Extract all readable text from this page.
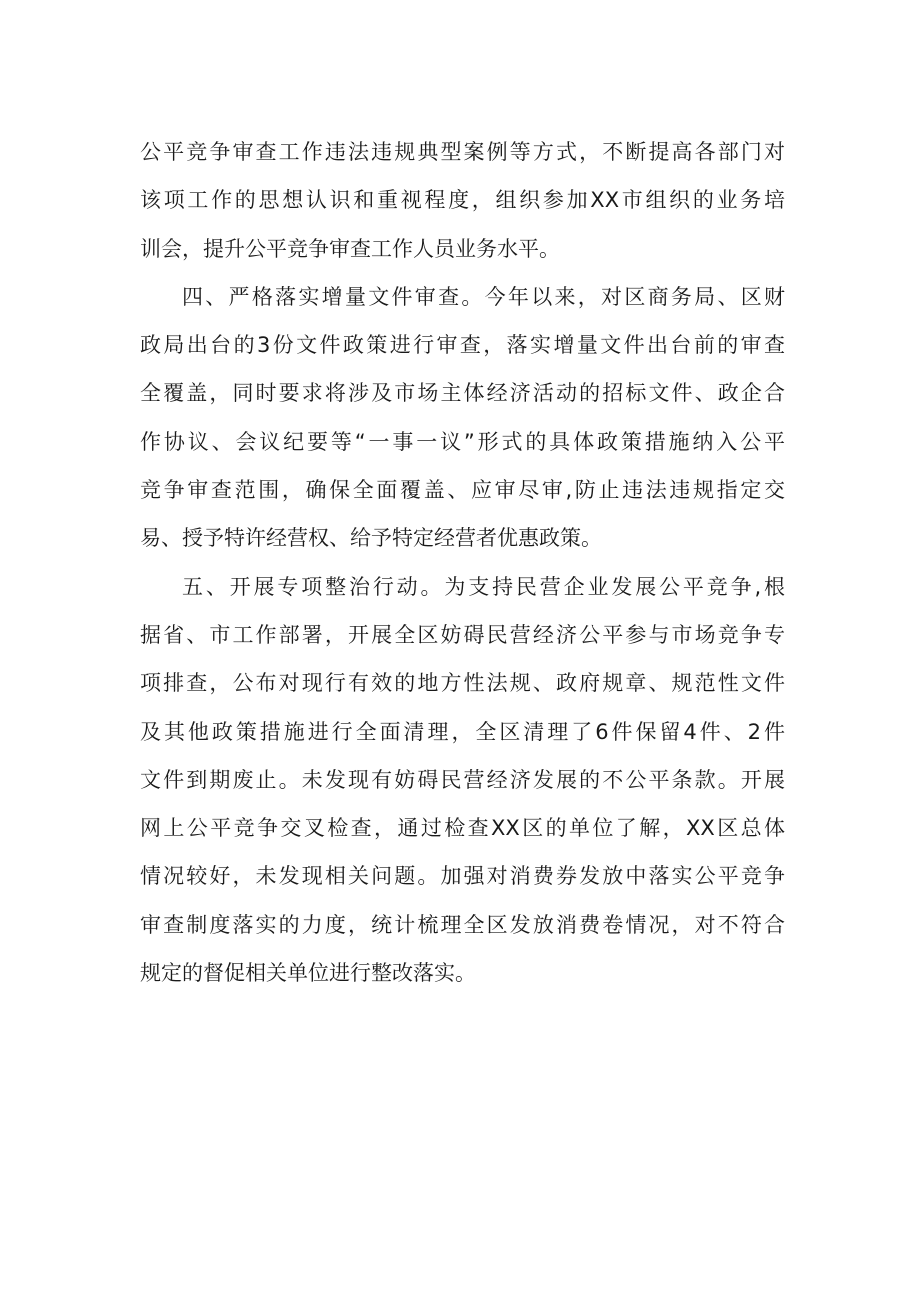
公平竞争审查工作违法违规典型案例等方式，不断提高各部门对
该项工作的思想认识和重视程度，组织参加XX市组织的业务培
训会，提升公平竞争审查工作人员业务水平。
四、严格落实增量文件审查。今年以来，对区商务局、区财
政局出台的3份文件政策进行审查，落实增量文件出台前的审查
全覆盖，同时要求将涉及市场主体经济活动的招标文件、政企合
作协议、会议纪要等“一事一议”形式的具体政策措施纳入公平
竞争审查范围，确保全面覆盖、应审尽审,防止违法违规指定交
易、授予特许经营权、给予特定经营者优惠政策。
五、开展专项整治行动。为支持民营企业发展公平竞争,根
据省、市工作部署，开展全区妨碍民营经济公平参与市场竞争专
项排查，公布对现行有效的地方性法规、政府规章、规范性文件
及其他政策措施进行全面清理，全区清理了6件保留4件、2件
文件到期废止。未发现有妨碍民营经济发展的不公平条款。开展
网上公平竞争交叉检查，通过检查XX区的单位了解，XX区总体
情况较好，未发现相关问题。加强对消费券发放中落实公平竞争
审查制度落实的力度，统计梳理全区发放消费卷情况，对不符合
规定的督促相关单位进行整改落实。
